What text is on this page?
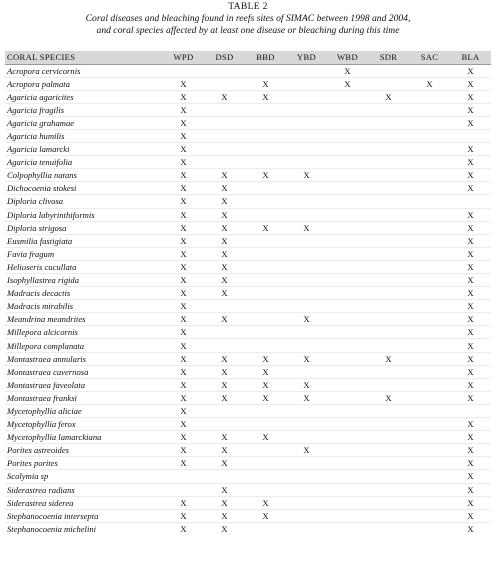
TABLE 2
Coral diseases and bleaching found in reefs sites of SIMAC between 1998 and 2004,
and coral species affected by at least one disease or bleaching during this time
CORAL SPECIES	WPD	DSD	BBD	YBD	WBD	SDR	SAC	BLA
Acropora cervicornis					X			X
Acropora palmata	X		X		X		X	X
Agaricia agaricites	X	X	X			X		X
Agaricia fragilis	X							X
Agaricia grahamae	X							X
Agaricia humilis	X							
Agaricia lamarcki	X							X
Agaricia tenuifolia	X							X
Colpophyllia natans	X	X	X	X				X
Dichocoenia stokesi	X	X						X
Diploria clivosa	X	X						
Diploria labyrinthiformis	X	X						X
Diploria strigosa	X	X	X	X				X
Eusmilia fastigiata	X	X						X
Favia fragum	X	X						X
Helioseris cucullata	X	X						X
Isophyllastrea rigida	X	X						X
Madracis decactis	X	X						X
Madracis mirabilis	X							X
Meandrina meandrites	X	X		X				X
Millepora alcicornis	X							X
Millepora complanata	X							X
Montastraea annularis	X	X	X	X		X		X
Montastraea cavernosa	X	X	X					X
Montastraea faveolata	X	X	X	X				X
Montastraea franksi	X	X	X	X		X		X
Mycetophyllia aliciae	X							
Mycetophyllia ferox	X							X
Mycetophyllia lamarckiana	X	X	X					X
Porites astreoides	X	X		X				X
Porites porites	X	X						X
Scolymia sp								X
Siderastrea radians		X						X
Siderastrea siderea	X	X	X					X
Stephanocoenia intersepta	X	X	X					X
Stephanocoenia michelini	X	X						X
